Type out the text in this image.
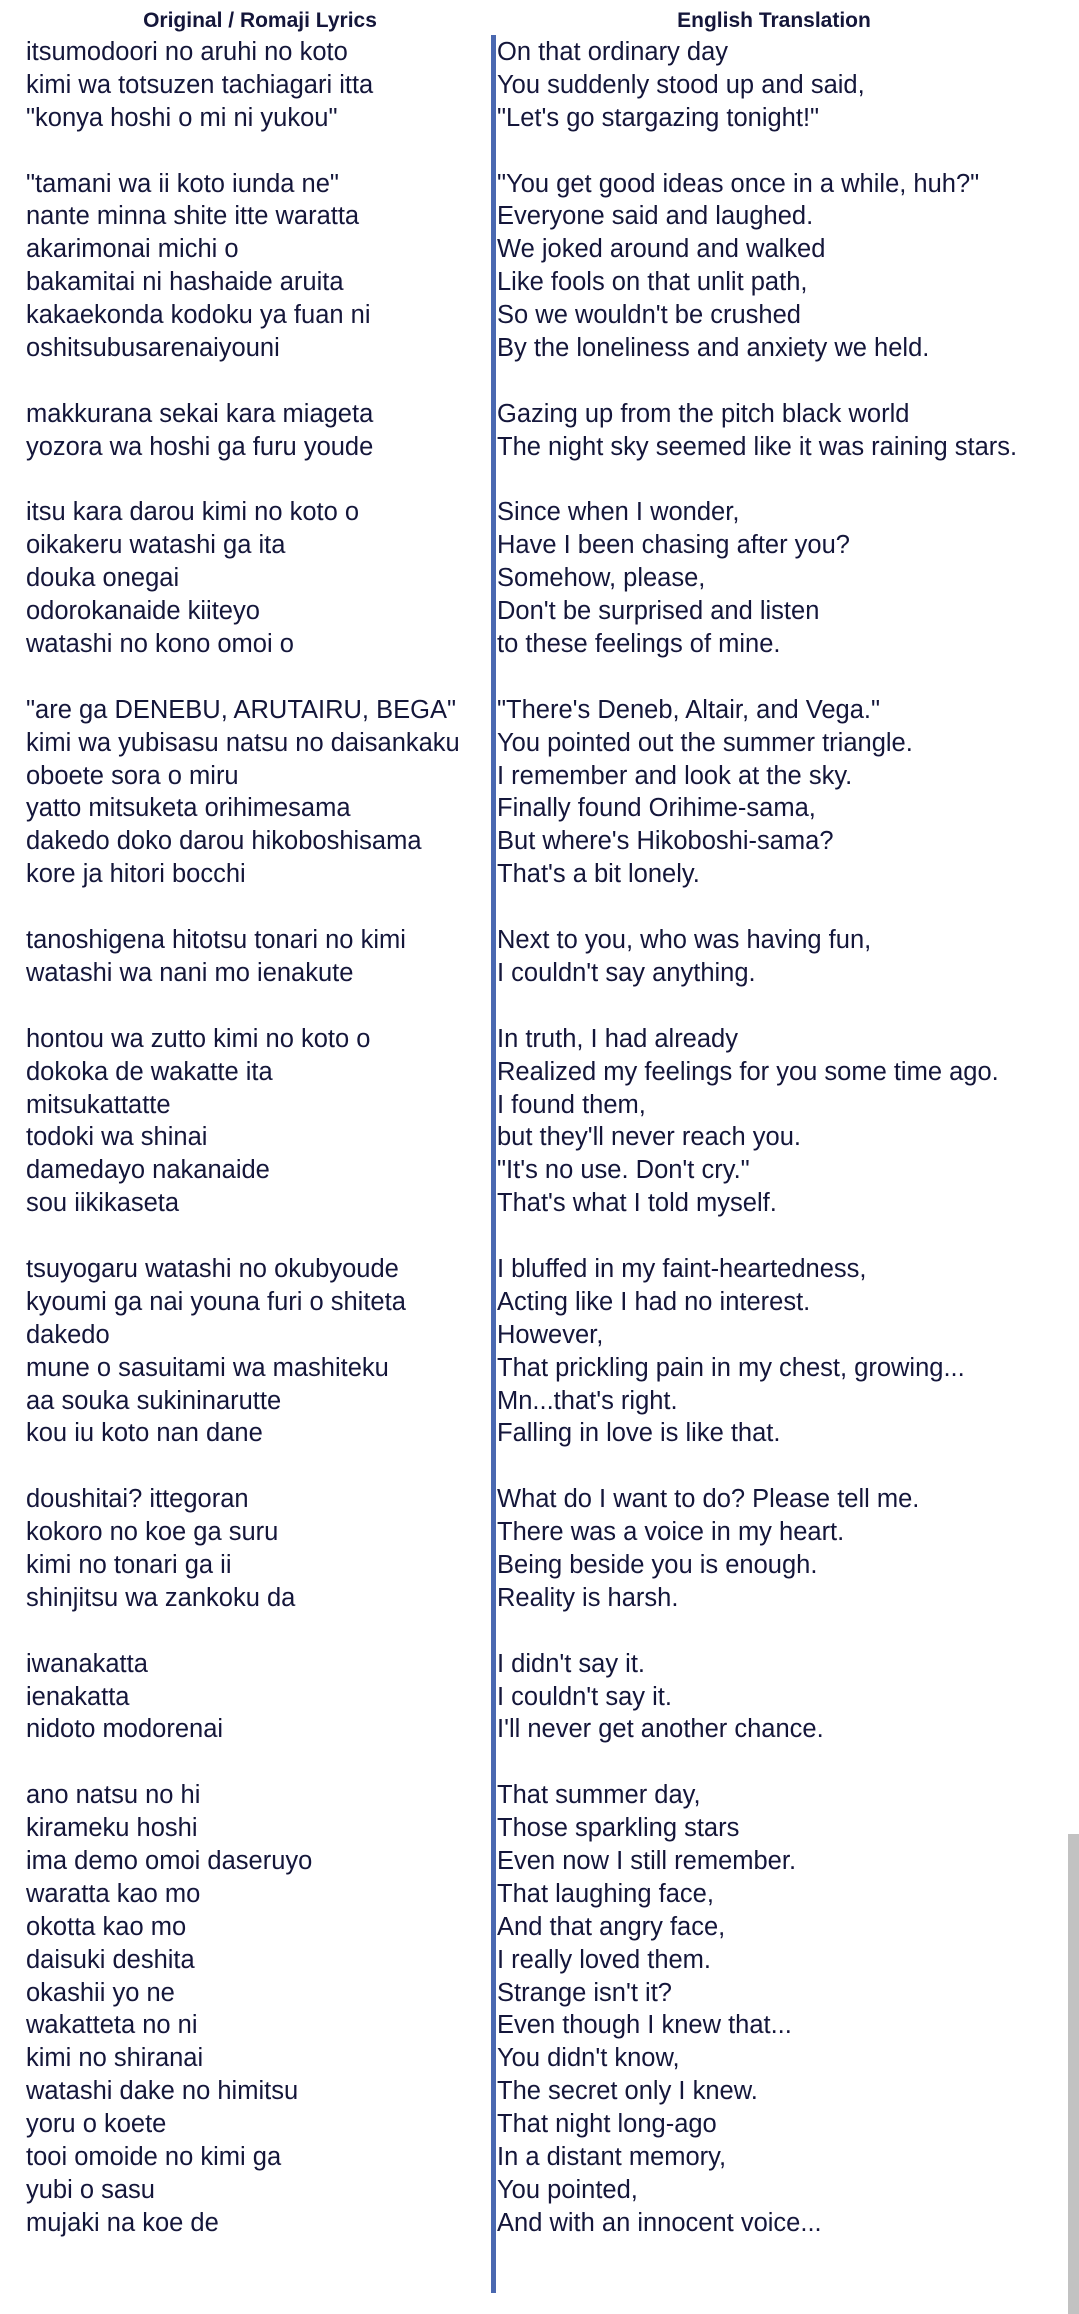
Original / Romaji Lyrics	English Translation
itsumodoori no aruhi no koto
kimi wa totsuzen tachiagari itta
"konya hoshi o mi ni yukou"
"tamani wa ii koto iunda ne"
nante minna shite itte waratta
akarimonai michi o
bakamitai ni hashaide aruita
kakaekonda kodoku ya fuan ni
oshitsubusarenaiyouni
makkurana sekai kara miageta
yozora wa hoshi ga furu youde
itsu kara darou kimi no koto o
oikakeru watashi ga ita
douka onegai
odorokanaide kiiteyo
watashi no kono omoi o
"are ga DENEBU, ARUTAIRU, BEGA"
kimi wa yubisasu natsu no daisankaku
oboete sora o miru
yatto mitsuketa orihimesama
dakedo doko darou hikoboshisama
kore ja hitori bocchi
tanoshigena hitotsu tonari no kimi
watashi wa nani mo ienakute
hontou wa zutto kimi no koto o
dokoka de wakatte ita
mitsukattatte
todoki wa shinai
damedayo nakanaide
sou iikikaseta
tsuyogaru watashi no okubyoude
kyoumi ga nai youna furi o shiteta
dakedo
mune o sasuitami wa mashiteku
aa souka sukininarutte
kou iu koto nan dane
doushitai? ittegoran
kokoro no koe ga suru
kimi no tonari ga ii
shinjitsu wa zankoku da
iwanakatta
ienakatta
nidoto modorenai
ano natsu no hi
kirameku hoshi
ima demo omoi daseruyo
waratta kao mo
okotta kao mo
daisuki deshita
okashii yo ne
wakatteta no ni
kimi no shiranai
watashi dake no himitsu
yoru o koete
tooi omoide no kimi ga
yubi o sasu
mujaki na koe de
On that ordinary day
You suddenly stood up and said,
"Let's go stargazing tonight!"
"You get good ideas once in a while, huh?"
Everyone said and laughed.
We joked around and walked
Like fools on that unlit path,
So we wouldn't be crushed
By the loneliness and anxiety we held.
Gazing up from the pitch black world
The night sky seemed like it was raining stars.
Since when I wonder,
Have I been chasing after you?
Somehow, please,
Don't be surprised and listen
to these feelings of mine.
"There's Deneb, Altair, and Vega."
You pointed out the summer triangle.
I remember and look at the sky.
Finally found Orihime-sama,
But where's Hikoboshi-sama?
That's a bit lonely.
Next to you, who was having fun,
I couldn't say anything.
In truth, I had already
Realized my feelings for you some time ago.
I found them,
but they'll never reach you.
"It's no use. Don't cry."
That's what I told myself.
I bluffed in my faint-heartedness,
Acting like I had no interest.
However,
That prickling pain in my chest, growing...
Mn...that's right.
Falling in love is like that.
What do I want to do? Please tell me.
There was a voice in my heart.
Being beside you is enough.
Reality is harsh.
I didn't say it.
I couldn't say it.
I'll never get another chance.
That summer day,
Those sparkling stars
Even now I still remember.
That laughing face,
And that angry face,
I really loved them.
Strange isn't it?
Even though I knew that...
You didn't know,
The secret only I knew.
That night long-ago
In a distant memory,
You pointed,
And with an innocent voice...
